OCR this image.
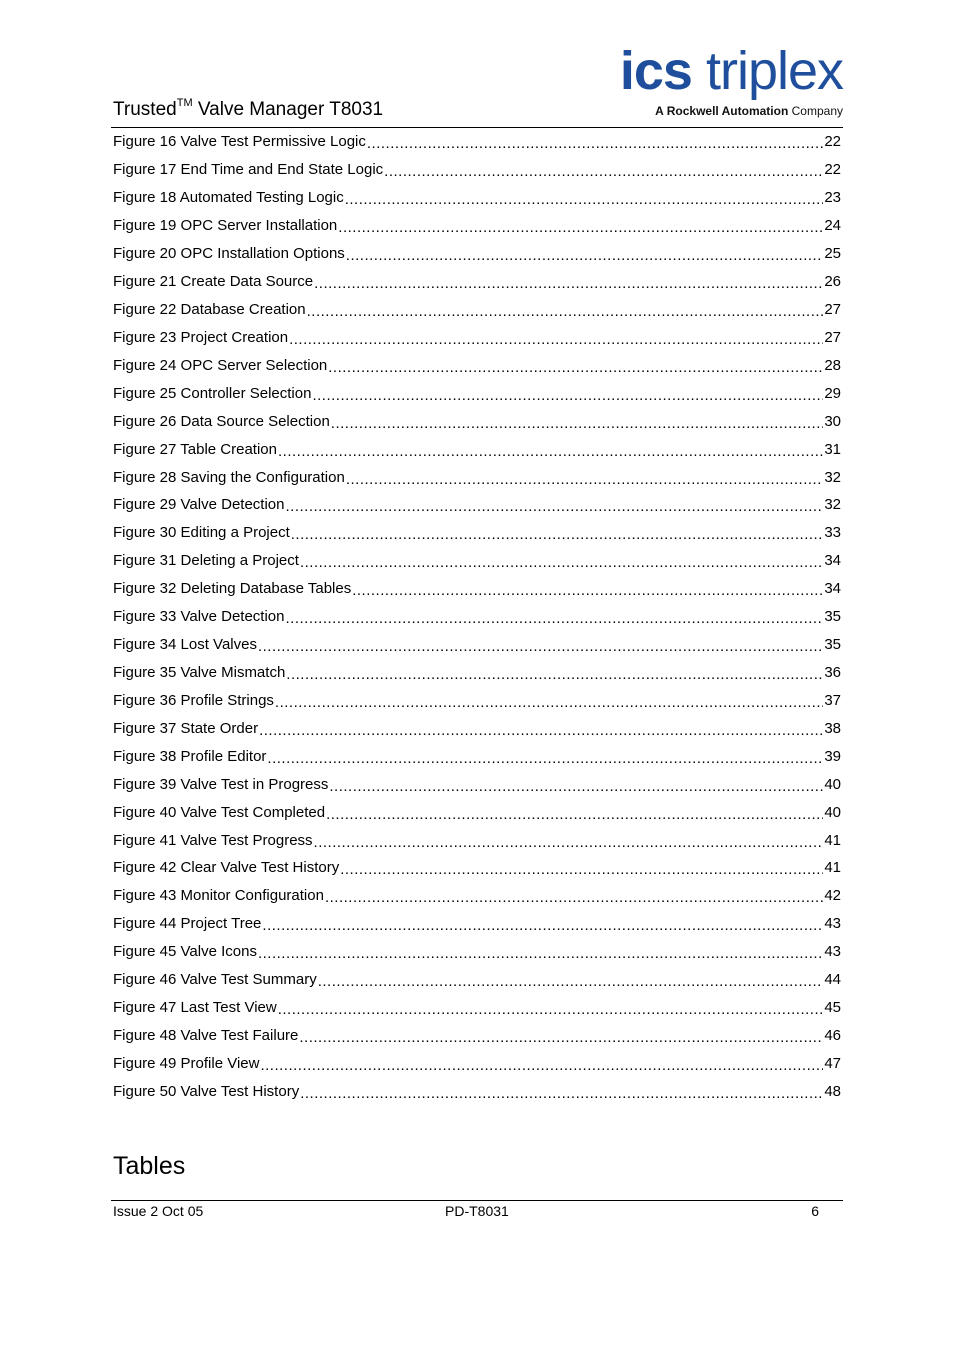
Trusted™ Valve Manager T8031
ics triplex
A Rockwell Automation Company
Figure 16 Valve Test Permissive Logic .....	22
Figure 17 End Time and End State Logic .....	22
Figure 18 Automated Testing Logic .....	23
Figure 19 OPC Server Installation .....	24
Figure 20 OPC Installation Options .....	25
Figure 21 Create Data Source .....	26
Figure 22 Database Creation .....	27
Figure 23 Project Creation .....	27
Figure 24 OPC Server Selection .....	28
Figure 25 Controller Selection .....	29
Figure 26 Data Source Selection .....	30
Figure 27 Table Creation .....	31
Figure 28 Saving the Configuration .....	32
Figure 29 Valve Detection .....	32
Figure 30 Editing a Project .....	33
Figure 31 Deleting a Project .....	34
Figure 32 Deleting Database Tables .....	34
Figure 33 Valve Detection .....	35
Figure 34 Lost Valves .....	35
Figure 35 Valve Mismatch .....	36
Figure 36 Profile Strings .....	37
Figure 37 State Order .....	38
Figure 38 Profile Editor .....	39
Figure 39 Valve Test in Progress .....	40
Figure 40 Valve Test Completed .....	40
Figure 41 Valve Test Progress .....	41
Figure 42 Clear Valve Test History .....	41
Figure 43 Monitor Configuration .....	42
Figure 44 Project Tree .....	43
Figure 45 Valve Icons .....	43
Figure 46 Valve Test Summary .....	44
Figure 47 Last Test View .....	45
Figure 48 Valve Test Failure .....	46
Figure 49 Profile View .....	47
Figure 50 Valve Test History .....	48
Tables
Issue 2 Oct 05	PD-T8031	6
